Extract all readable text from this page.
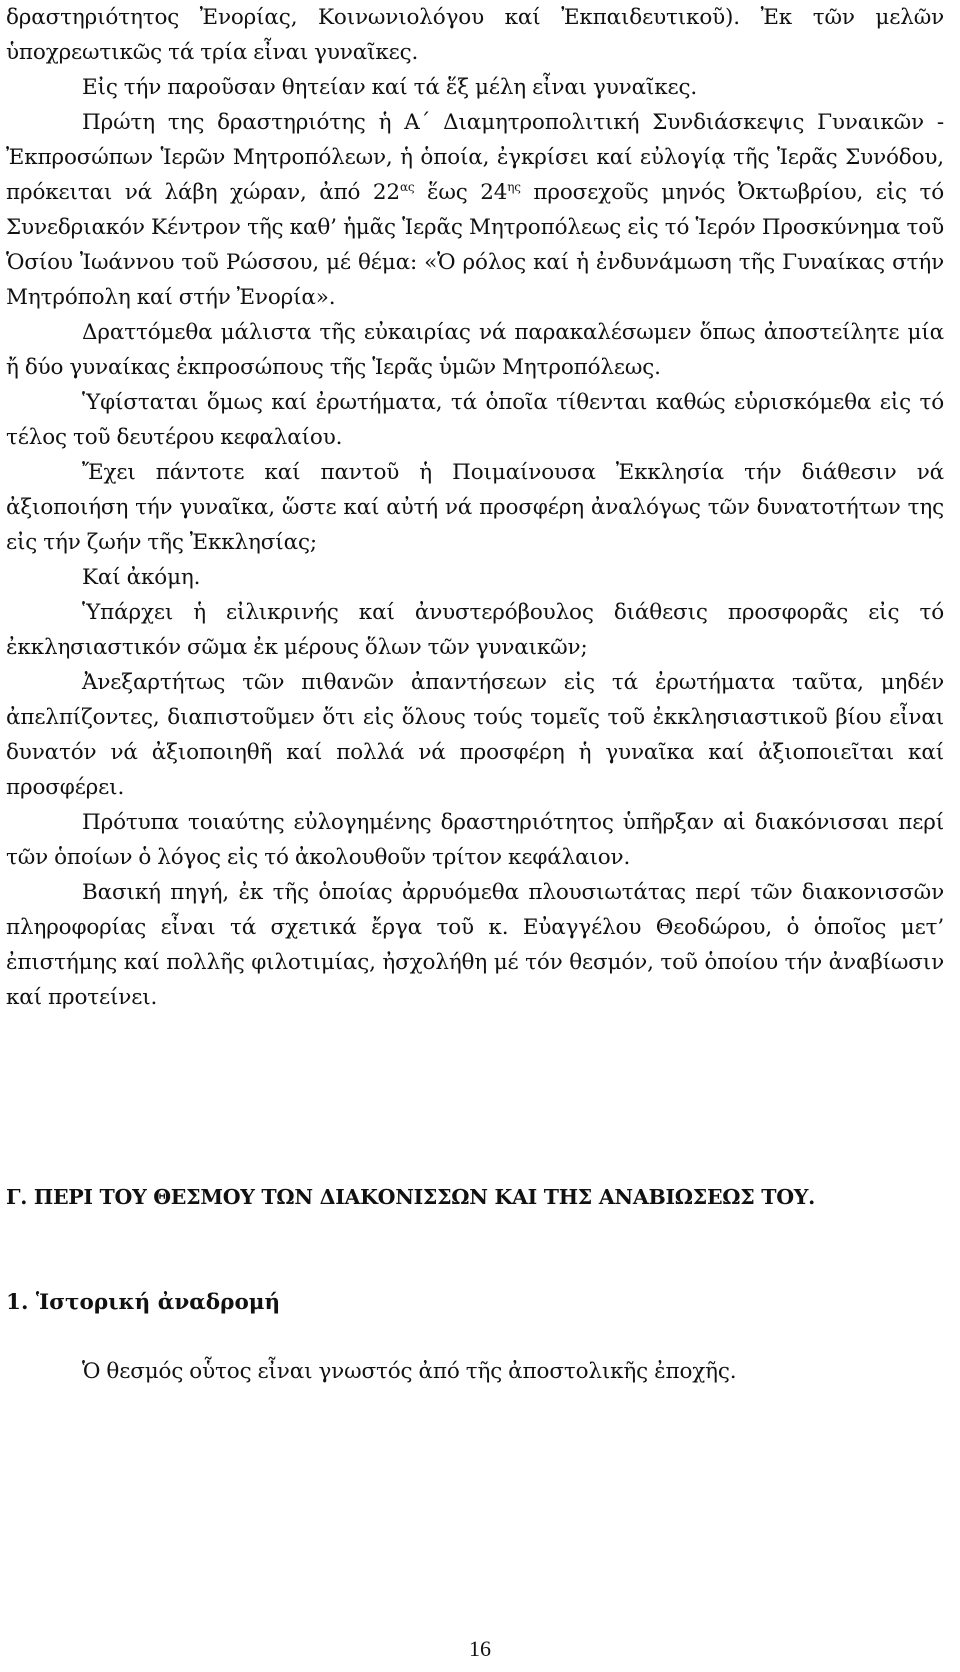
δραστηριότητος Ἐνορίας, Κοινωνιολόγου καί Ἐκπαιδευτικοῦ). Ἐκ τῶν μελῶν ὑποχρεωτικῶς τά τρία εἶναι γυναῖκες.

Εἰς τήν παροῦσαν θητείαν καί τά ἕξ μέλη εἶναι γυναῖκες.

Πρώτη της δραστηριότης ἡ Α΄ Διαμητροπολιτική Συνδιάσκεψις Γυναικῶν - Ἐκπροσώπων Ἱερῶν Μητροπόλεων, ἡ ὁποία, ἐγκρίσει καί εὐλογίᾳ τῆς Ἱερᾶς Συνόδου, πρόκειται νά λάβη χώραν, ἀπό $22^{\alpha\varsigma}$ ἕως $24^{\eta\varsigma}$ προσεχοῦς μηνός Ὀκτωβρίου, εἰς τό Συνεδριακόν Κέντρον τῆς καθ’ ἡμᾶς Ἱερᾶς Μητροπόλεως εἰς τό Ἱερόν Προσκύνημα τοῦ Ὁσίου Ἰωάννου τοῦ Ρώσσου, μέ θέμα: «Ὁ ρόλος καί ἡ ἐνδυνάμωση τῆς Γυναίκας στήν Μητρόπολη καί στήν Ἐνορία».

Δραττόμεθα μάλιστα τῆς εὐκαιρίας νά παρακαλέσωμεν ὅπως ἀποστείλητε μία ἤ δύο γυναίκας ἐκπροσώπους τῆς Ἱερᾶς ὑμῶν Μητροπόλεως.

Ὑφίσταται ὅμως καί ἐρωτήματα, τά ὁποῖα τίθενται καθώς εὑρισκόμεθα εἰς τό τέλος τοῦ δευτέρου κεφαλαίου.

Ἔχει πάντοτε καί παντοῦ ἡ Ποιμαίνουσα Ἐκκλησία τήν διάθεσιν νά ἀξιοποιήση τήν γυναῖκα, ὥστε καί αὐτή νά προσφέρη ἀναλόγως τῶν δυνατοτήτων της εἰς τήν ζωήν τῆς Ἐκκλησίας;

Καί ἀκόμη.

Ὑπάρχει ἡ εἰλικρινής καί ἀνυστερόβουλος διάθεσις προσφορᾶς εἰς τό ἐκκλησιαστικόν σῶμα ἐκ μέρους ὅλων τῶν γυναικῶν;

Ἀνεξαρτήτως τῶν πιθανῶν ἀπαντήσεων εἰς τά ἐρωτήματα ταῦτα, μηδέν ἀπελπίζοντες, διαπιστοῦμεν ὅτι εἰς ὅλους τούς τομεῖς τοῦ ἐκκλησιαστικοῦ βίου εἶναι δυνατόν νά ἀξιοποιηθῆ καί πολλά νά προσφέρη ἡ γυναῖκα καί ἀξιοποιεῖται καί προσφέρει.

Πρότυπα τοιαύτης εὐλογημένης δραστηριότητος ὑπῆρξαν αἱ διακόνισσαι περί τῶν ὁποίων ὁ λόγος εἰς τό ἀκολουθοῦν τρίτον κεφάλαιον.

Βασική πηγή, ἐκ τῆς ὁποίας ἀρρυόμεθα πλουσιωτάτας περί τῶν διακονισσῶν πληροφορίας εἶναι τά σχετικά ἔργα τοῦ κ. Εὐαγγέλου Θεοδώρου, ὁ ὁποῖος μετ’ ἐπιστήμης καί πολλῆς φιλοτιμίας, ἠσχολήθη μέ τόν θεσμόν, τοῦ ὁποίου τήν ἀναβίωσιν καί προτείνει.

Γ. ΠΕΡΙ ΤΟΥ ΘΕΣΜΟΥ ΤΩΝ ΔΙΑΚΟΝΙΣΣΩΝ ΚΑΙ ΤΗΣ ΑΝΑΒΙΩΣΕΩΣ ΤΟΥ.
1. Ἱστορική ἀναδρομή

Ὁ θεσμός οὗτος εἶναι γνωστός ἀπό τῆς ἀποστολικῆς ἐποχῆς.

16
